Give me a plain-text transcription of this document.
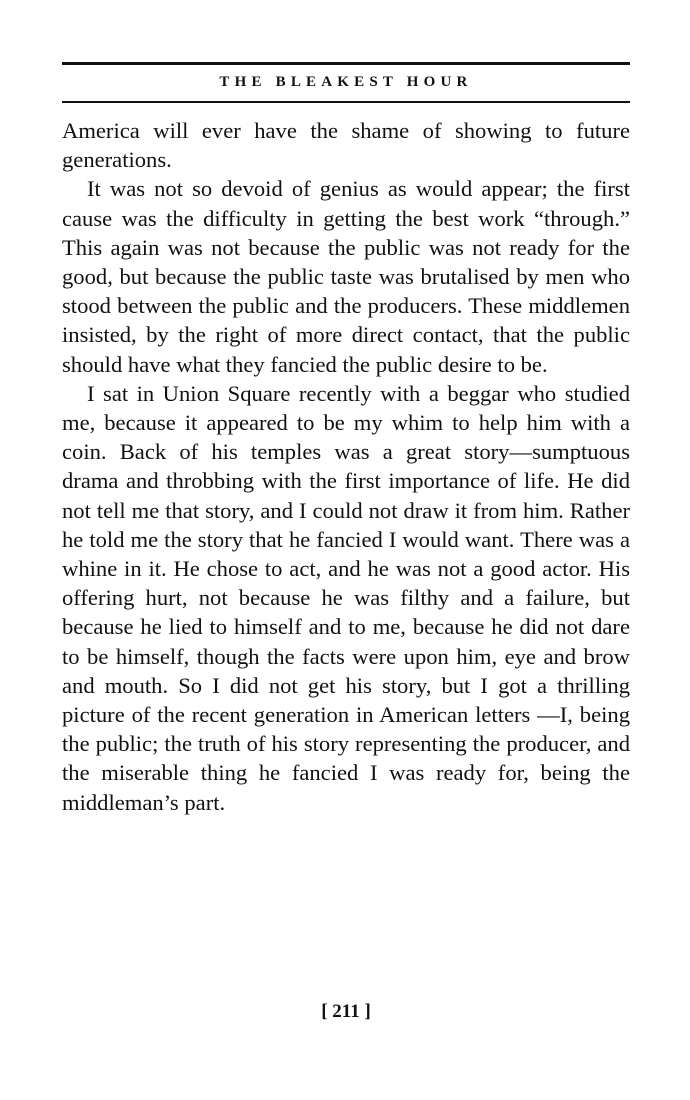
THE BLEAKEST HOUR

America will ever have the shame of showing to future generations.

It was not so devoid of genius as would appear; the first cause was the difficulty in getting the best work “through.” This again was not because the public was not ready for the good, but because the public taste was brutalised by men who stood between the public and the producers. These middlemen insisted, by the right of more direct contact, that the public should have what they fancied the public desire to be.

I sat in Union Square recently with a beggar who studied me, because it appeared to be my whim to help him with a coin. Back of his temples was a great story—sumptuous drama and throbbing with the first importance of life. He did not tell me that story, and I could not draw it from him. Rather he told me the story that he fancied I would want. There was a whine in it. He chose to act, and he was not a good actor. His offering hurt, not because he was filthy and a failure, but because he lied to himself and to me, because he did not dare to be himself, though the facts were upon him, eye and brow and mouth. So I did not get his story, but I got a thrilling picture of the recent generation in American letters —I, being the public; the truth of his story representing the producer, and the miserable thing he fancied I was ready for, being the middleman’s part.

[ 211 ]
